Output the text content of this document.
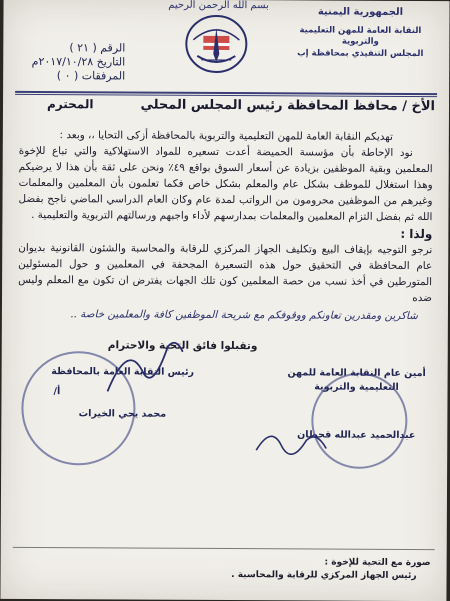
الجمهورية اليمنية
النقابة العامة للمهن التعليمية والتربوية
المجلس التنفيذي بمحافظة إب
بسم الله الرحمن الرحيم
الرقم ( ٢١ )
التاريخ ٢٠١٧/١٠/٢٨م
المرفقات ( ٠ )
الأخ / محافظ المحافظة رئيس المجلس المحلي
المحترم

تهديكم النقابة العامة للمهن التعليمية والتربوية بالمحافظة أزكى التحايا ،، وبعد :

نود الإحاطة بأن مؤسسة الحميضة أعدت تسعيره للمواد الاستهلاكية والتي تباع للإخوة المعلمين وبقية الموظفين بزيادة عن أسعار السوق بواقع ٤٩٪ ونحن على ثقة بأن هذا لا يرضيكم وهذا استغلال للموظف بشكل عام والمعلم بشكل خاص فكما تعلمون بأن المعلمين والمعلمات وغيرهم من الموظفين محرومون من الرواتب لمدة عام وكان العام الدراسي الماضي ناجح بفضل الله ثم بفضل التزام المعلمين والمعلمات بمدارسهم لأداء واجبهم ورسالتهم التربوية والتعليمية .

ولذا :

نرجو التوجيه بإيقاف البيع وتكليف الجهاز المركزي للرقابة والمحاسبة والشئون القانونية بديوان عام المحافظة في التحقيق حول هذه التسعيرة المجحفة في المعلمين و حول المسئولين المتورطين في أخذ نسب من حصة المعلمين كون تلك الجهات يفترض ان تكون مع المعلم وليس ضده

شاكرين ومقدرين تعاونكم ووقوفكم مع شريحة الموظفين كافة والمعلمين خاصة ..

وتقبلوا فائق التحية والاحترام
أمين عام النقابة العامة للمهن
التعليمية والتربوية
عبدالحميد عبدالله قحطان
رئيس النقابة العامة بالمحافظة
أ/
محمد يحي الخيرات
صورة مع التحية للإخوة :
رئيس الجهاز المركزي للرقابة والمحاسبة .
